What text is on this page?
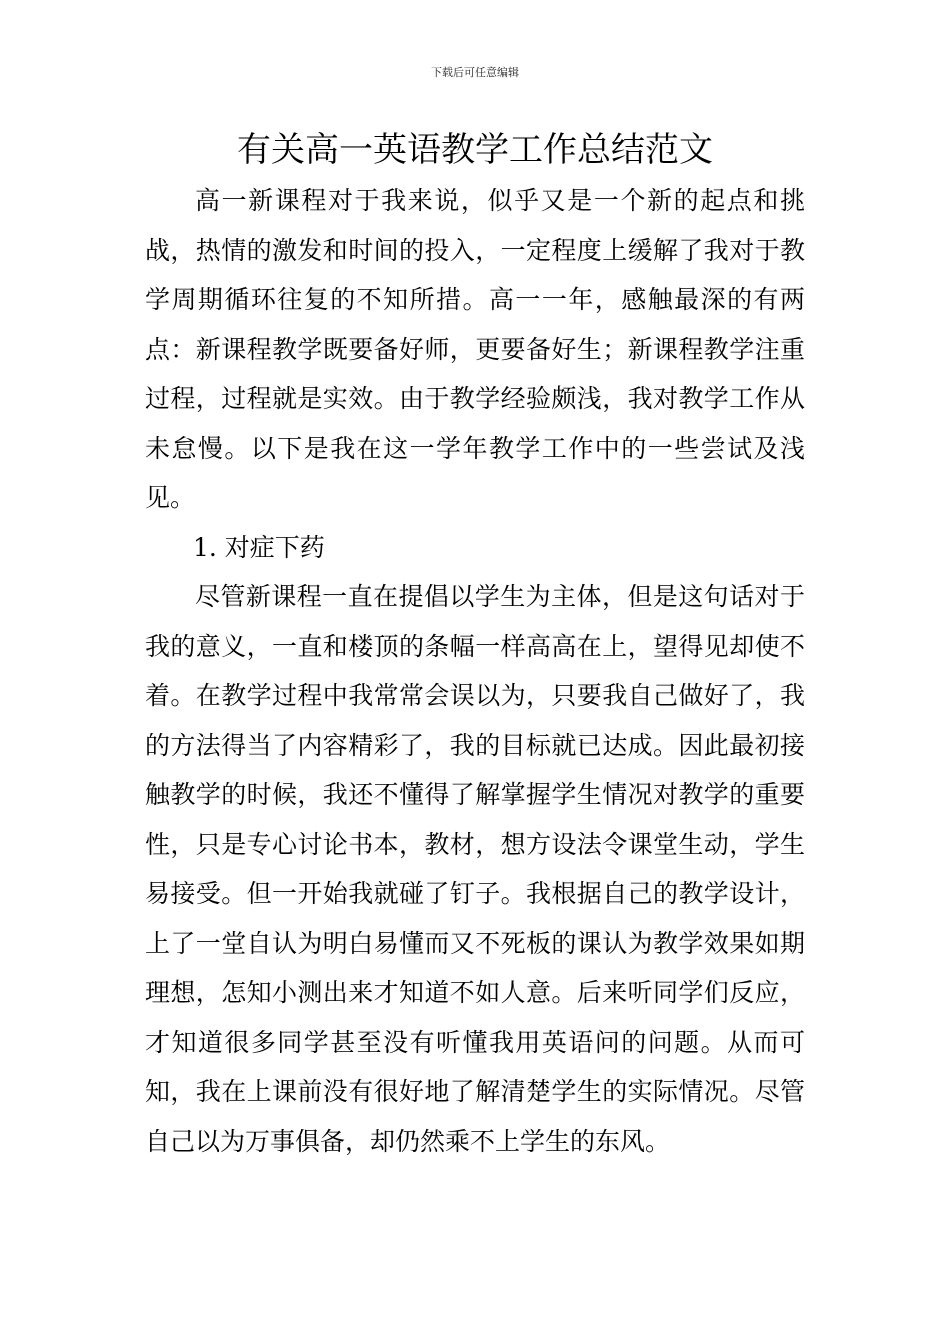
下载后可任意编辑
有关高一英语教学工作总结范文

高一新课程对于我来说，似乎又是一个新的起点和挑战，热情的激发和时间的投入，一定程度上缓解了我对于教学周期循环往复的不知所措。高一一年，感触最深的有两点：新课程教学既要备好师，更要备好生；新课程教学注重过程，过程就是实效。由于教学经验颇浅，我对教学工作从未怠慢。以下是我在这一学年教学工作中的一些尝试及浅见。

1. 对症下药

尽管新课程一直在提倡以学生为主体，但是这句话对于我的意义，一直和楼顶的条幅一样高高在上，望得见却使不着。在教学过程中我常常会误以为，只要我自己做好了，我的方法得当了内容精彩了，我的目标就已达成。因此最初接触教学的时候，我还不懂得了解掌握学生情况对教学的重要性，只是专心讨论书本，教材，想方设法令课堂生动，学生易接受。但一开始我就碰了钉子。我根据自己的教学设计，上了一堂自认为明白易懂而又不死板的课认为教学效果如期理想，怎知小测出来才知道不如人意。后来听同学们反应，才知道很多同学甚至没有听懂我用英语问的问题。从而可知，我在上课前没有很好地了解清楚学生的实际情况。尽管自己以为万事俱备，却仍然乘不上学生的东风。
